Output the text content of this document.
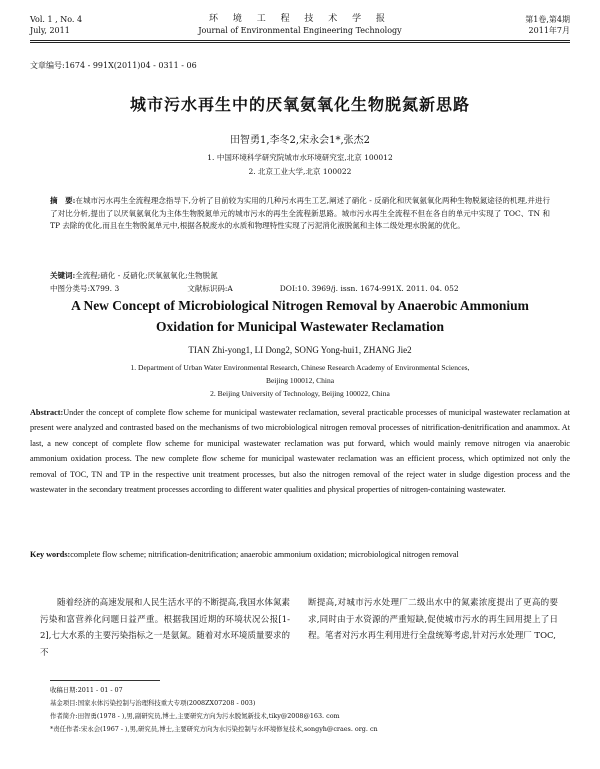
Vol. 1 , No. 4
July, 2011
环 境 工 程 技 术 学 报
Journal of Environmental Engineering Technology
第1卷,第4期
2011年7月
文章编号:1674 - 991X(2011)04 - 0311 - 06
城市污水再生中的厌氧氨氧化生物脱氮新思路
田智勇1,李冬2,宋永会1*,张杰2
1. 中国环境科学研究院城市水环境研究室,北京 100012
2. 北京工业大学,北京 100022
摘　要:在城市污水再生全流程理念指导下,分析了目前较为实用的几种污水再生工艺,阐述了硝化 - 反硝化和厌氧氨氧化两种生物脱氮途径的机理,并进行了对比分析,提出了以厌氧氨氧化为主体生物脱氮单元的城市污水的再生全流程新思路。城市污水再生全流程不但在各自的单元中实现了 TOC、TN 和 TP 去除的优化,而且在生物脱氮单元中,根据各脱废水的水质和物理特性实现了污泥消化液脱氮和主体二级处理水脱氮的优化。
关键词:全流程;硝化 - 反硝化;厌氧氨氧化;生物脱氮
中图分类号:X799. 3	文献标识码:A	DOI:10. 3969/j. issn. 1674-991X. 2011. 04. 052
A New Concept of Microbiological Nitrogen Removal by Anaerobic Ammonium
Oxidation for Municipal Wastewater Reclamation
TIAN Zhi-yong1, LI Dong2, SONG Yong-hui1, ZHANG Jie2
1. Department of Urban Water Environmental Research, Chinese Research Academy of Environmental Sciences,
Beijing 100012, China
2. Beijing University of Technology, Beijing 100022, China
Abstract:Under the concept of complete flow scheme for municipal wastewater reclamation, several practicable processes of municipal wastewater reclamation at present were analyzed and contrasted based on the mechanisms of two microbiological nitrogen removal processes of nitrification-denitrification and anammox. At last, a new concept of complete flow scheme for municipal wastewater reclamation was put forward, which would mainly remove nitrogen via anaerobic ammonium oxidation process. The new complete flow scheme for municipal wastewater reclamation was an efficient process, which optimized not only the removal of TOC, TN and TP in the respective unit treatment processes, but also the nitrogen removal of the reject water in sludge digestion process and the wastewater in the secondary treatment processes according to different water qualities and physical properties of nitrogen-containing wastewater.
Key words:complete flow scheme; nitrification-denitrification; anaerobic ammonium oxidation; microbiological nitrogen removal
随着经济的高速发展和人民生活水平的不断提高,我国水体氮素污染和富营养化问题日益严重。根据我国近期的环境状况公报[1-2],七大水系的主要污染指标之一是氨氮。随着对水环境质量要求的不
断提高,对城市污水处理厂二级出水中的氮素浓度提出了更高的要求,同时由于水资源的严重短缺,促使城市污水的再生回用提上了日程。笔者对污水再生利用进行全盘统筹考虑,针对污水处理厂 TOC,
收稿日期:2011 - 01 - 07
基金项目:国家水体污染控制与治理科技重大专项(2008ZX07208 - 003)
作者简介:田智勇(1978 - ),男,副研究员,博士,主要研究方向为污水脱氮新技术,tiky@2008@163. com
*责任作者:宋永会(1967 - ),男,研究员,博士,主要研究方向为水污染控制与水环境修复技术,songyh@craes. org. cn
